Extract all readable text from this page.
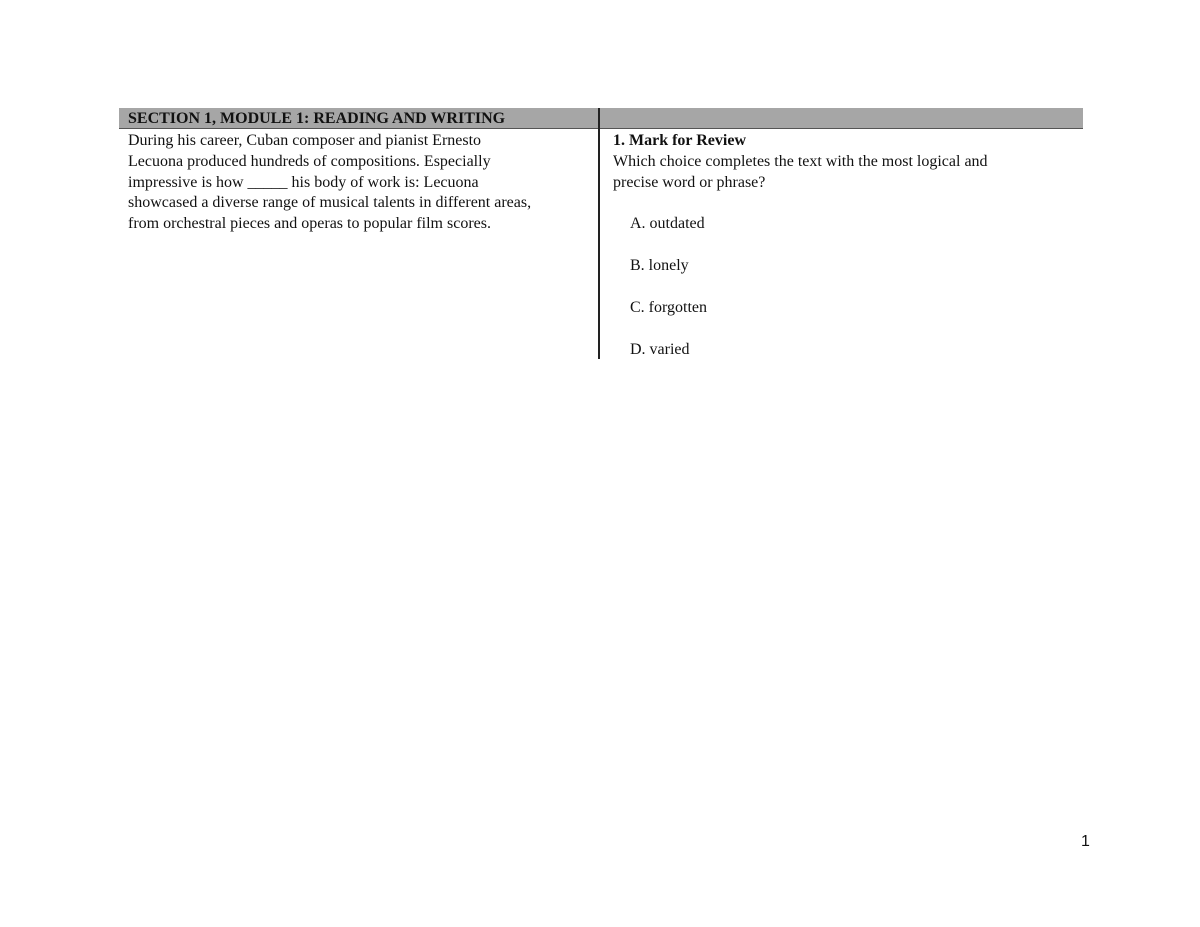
SECTION 1, MODULE 1: READING AND WRITING
During his career, Cuban composer and pianist Ernesto
Lecuona produced hundreds of compositions. Especially
impressive is how _____ his body of work is: Lecuona
showcased a diverse range of musical talents in different areas,
from orchestral pieces and operas to popular film scores.
1. Mark for Review
Which choice completes the text with the most logical and
precise word or phrase?
A. outdated
B. lonely
C. forgotten
D. varied
1
